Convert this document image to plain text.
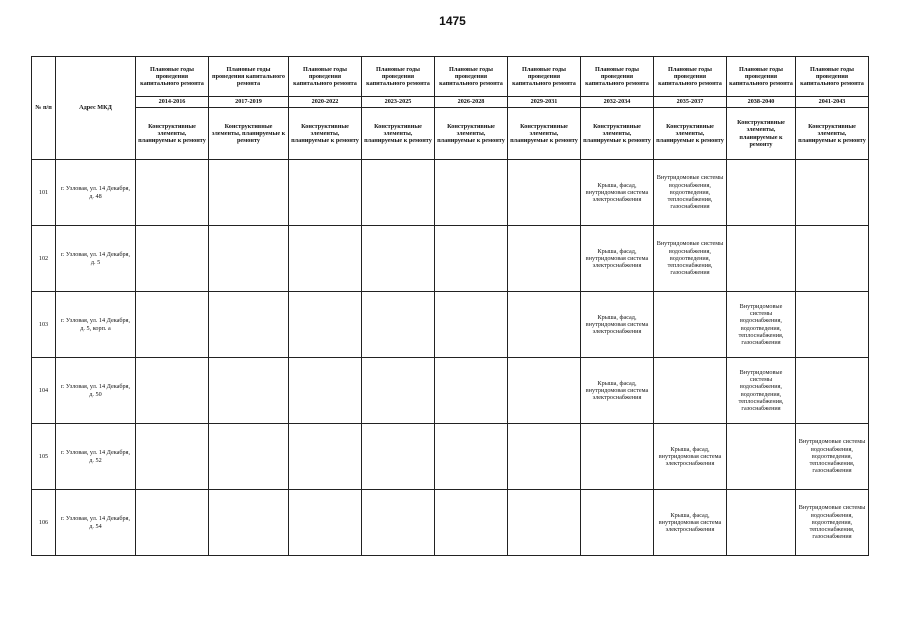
1475
№ п/п	Адрес МКД	Плановые годы проведения капитального ремонта	Плановые годы проведения капитального ремонта	Плановые годы проведения капитального ремонта	Плановые годы проведения капитального ремонта	Плановые годы проведения капитального ремонта	Плановые годы проведения капитального ремонта	Плановые годы проведения капитального ремонта	Плановые годы проведения капитального ремонта	Плановые годы проведения капитального ремонта	Плановые годы проведения капитального ремонта
		2014-2016	2017-2019	2020-2022	2023-2025	2026-2028	2029-2031	2032-2034	2035-2037	2038-2040	2041-2043
		Конструктивные элементы, планируемые к ремонту	Конструктивные элементы, планируемые к ремонту	Конструктивные элементы, планируемые к ремонту	Конструктивные элементы, планируемые к ремонту	Конструктивные элементы, планируемые к ремонту	Конструктивные элементы, планируемые к ремонту	Конструктивные элементы, планируемые к ремонту	Конструктивные элементы, планируемые к ремонту	Конструктивные элементы, планируемые к ремонту	Конструктивные элементы, планируемые к ремонту
101	г. Узловая, ул. 14 Декабря, д. 48							Крыша, фасад, внутридомовая система электроснабжения	Внутридомовые системы водоснабжения, водоотведения, теплоснабжения, газоснабжения		
102	г. Узловая, ул. 14 Декабря, д. 5							Крыша, фасад, внутридомовая система электроснабжения	Внутридомовые системы водоснабжения, водоотведения, теплоснабжения, газоснабжения		
103	г. Узловая, ул. 14 Декабря, д. 5, корп. а							Крыша, фасад, внутридомовая система электроснабжения		Внутридомовые системы водоснабжения, водоотведения, теплоснабжения, газоснабжения	
104	г. Узловая, ул. 14 Декабря, д. 50							Крыша, фасад, внутридомовая система электроснабжения		Внутридомовые системы водоснабжения, водоотведения, теплоснабжения, газоснабжения	
105	г. Узловая, ул. 14 Декабря, д. 52								Крыша, фасад, внутридомовая система электроснабжения		Внутридомовые системы водоснабжения, водоотведения, теплоснабжения, газоснабжения
106	г. Узловая, ул. 14 Декабря, д. 54								Крыша, фасад, внутридомовая система электроснабжения		Внутридомовые системы водоснабжения, водоотведения, теплоснабжения, газоснабжения
